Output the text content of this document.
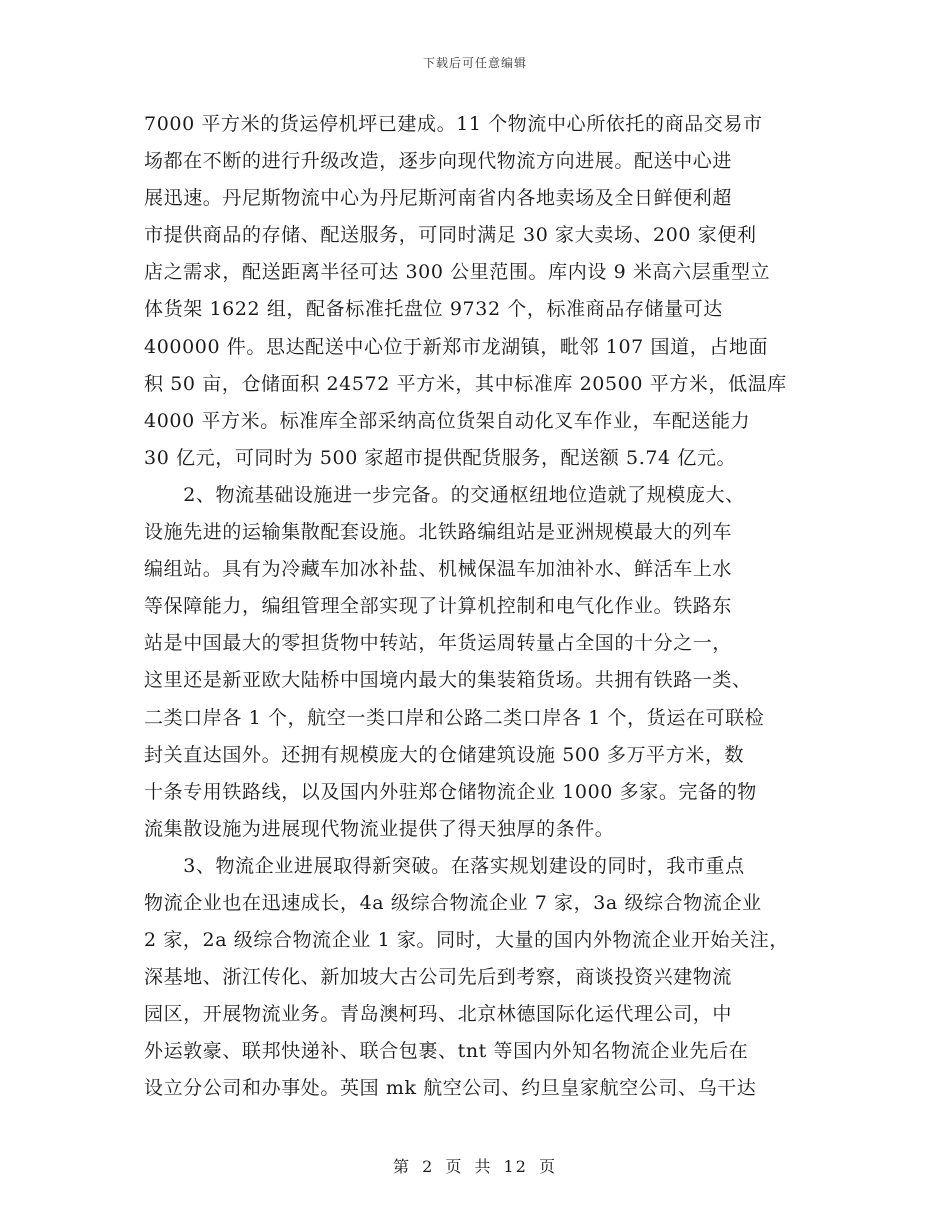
下载后可任意编辑
7000 平方米的货运停机坪已建成。11 个物流中心所依托的商品交易市
场都在不断的进行升级改造，逐步向现代物流方向进展。配送中心进
展迅速。丹尼斯物流中心为丹尼斯河南省内各地卖场及全日鲜便利超
市提供商品的存储、配送服务，可同时满足 30 家大卖场、200 家便利
店之需求，配送距离半径可达 300 公里范围。库内设 9 米高六层重型立
体货架 1622 组，配备标准托盘位 9732 个，标准商品存储量可达
400000 件。思达配送中心位于新郑市龙湖镇，毗邻 107 国道，占地面
积 50 亩，仓储面积 24572 平方米，其中标准库 20500 平方米，低温库
4000 平方米。标准库全部采纳高位货架自动化叉车作业，车配送能力
30 亿元，可同时为 500 家超市提供配货服务，配送额 5.74 亿元。
　　2、物流基础设施进一步完备。的交通枢纽地位造就了规模庞大、
设施先进的运输集散配套设施。北铁路编组站是亚洲规模最大的列车
编组站。具有为冷藏车加冰补盐、机械保温车加油补水、鲜活车上水
等保障能力，编组管理全部实现了计算机控制和电气化作业。铁路东
站是中国最大的零担货物中转站，年货运周转量占全国的十分之一，
这里还是新亚欧大陆桥中国境内最大的集装箱货场。共拥有铁路一类、
二类口岸各 1 个，航空一类口岸和公路二类口岸各 1 个，货运在可联检
封关直达国外。还拥有规模庞大的仓储建筑设施 500 多万平方米，数
十条专用铁路线，以及国内外驻郑仓储物流企业 1000 多家。完备的物
流集散设施为进展现代物流业提供了得天独厚的条件。
　　3、物流企业进展取得新突破。在落实规划建设的同时，我市重点
物流企业也在迅速成长，4a 级综合物流企业 7 家，3a 级综合物流企业
2 家，2a 级综合物流企业 1 家。同时，大量的国内外物流企业开始关注，
深基地、浙江传化、新加坡大古公司先后到考察，商谈投资兴建物流
园区，开展物流业务。青岛澳柯玛、北京林德国际化运代理公司，中
外运敦豪、联邦快递补、联合包裹、tnt 等国内外知名物流企业先后在
设立分公司和办事处。英国 mk 航空公司、约旦皇家航空公司、乌干达
第 2 页 共 12 页
